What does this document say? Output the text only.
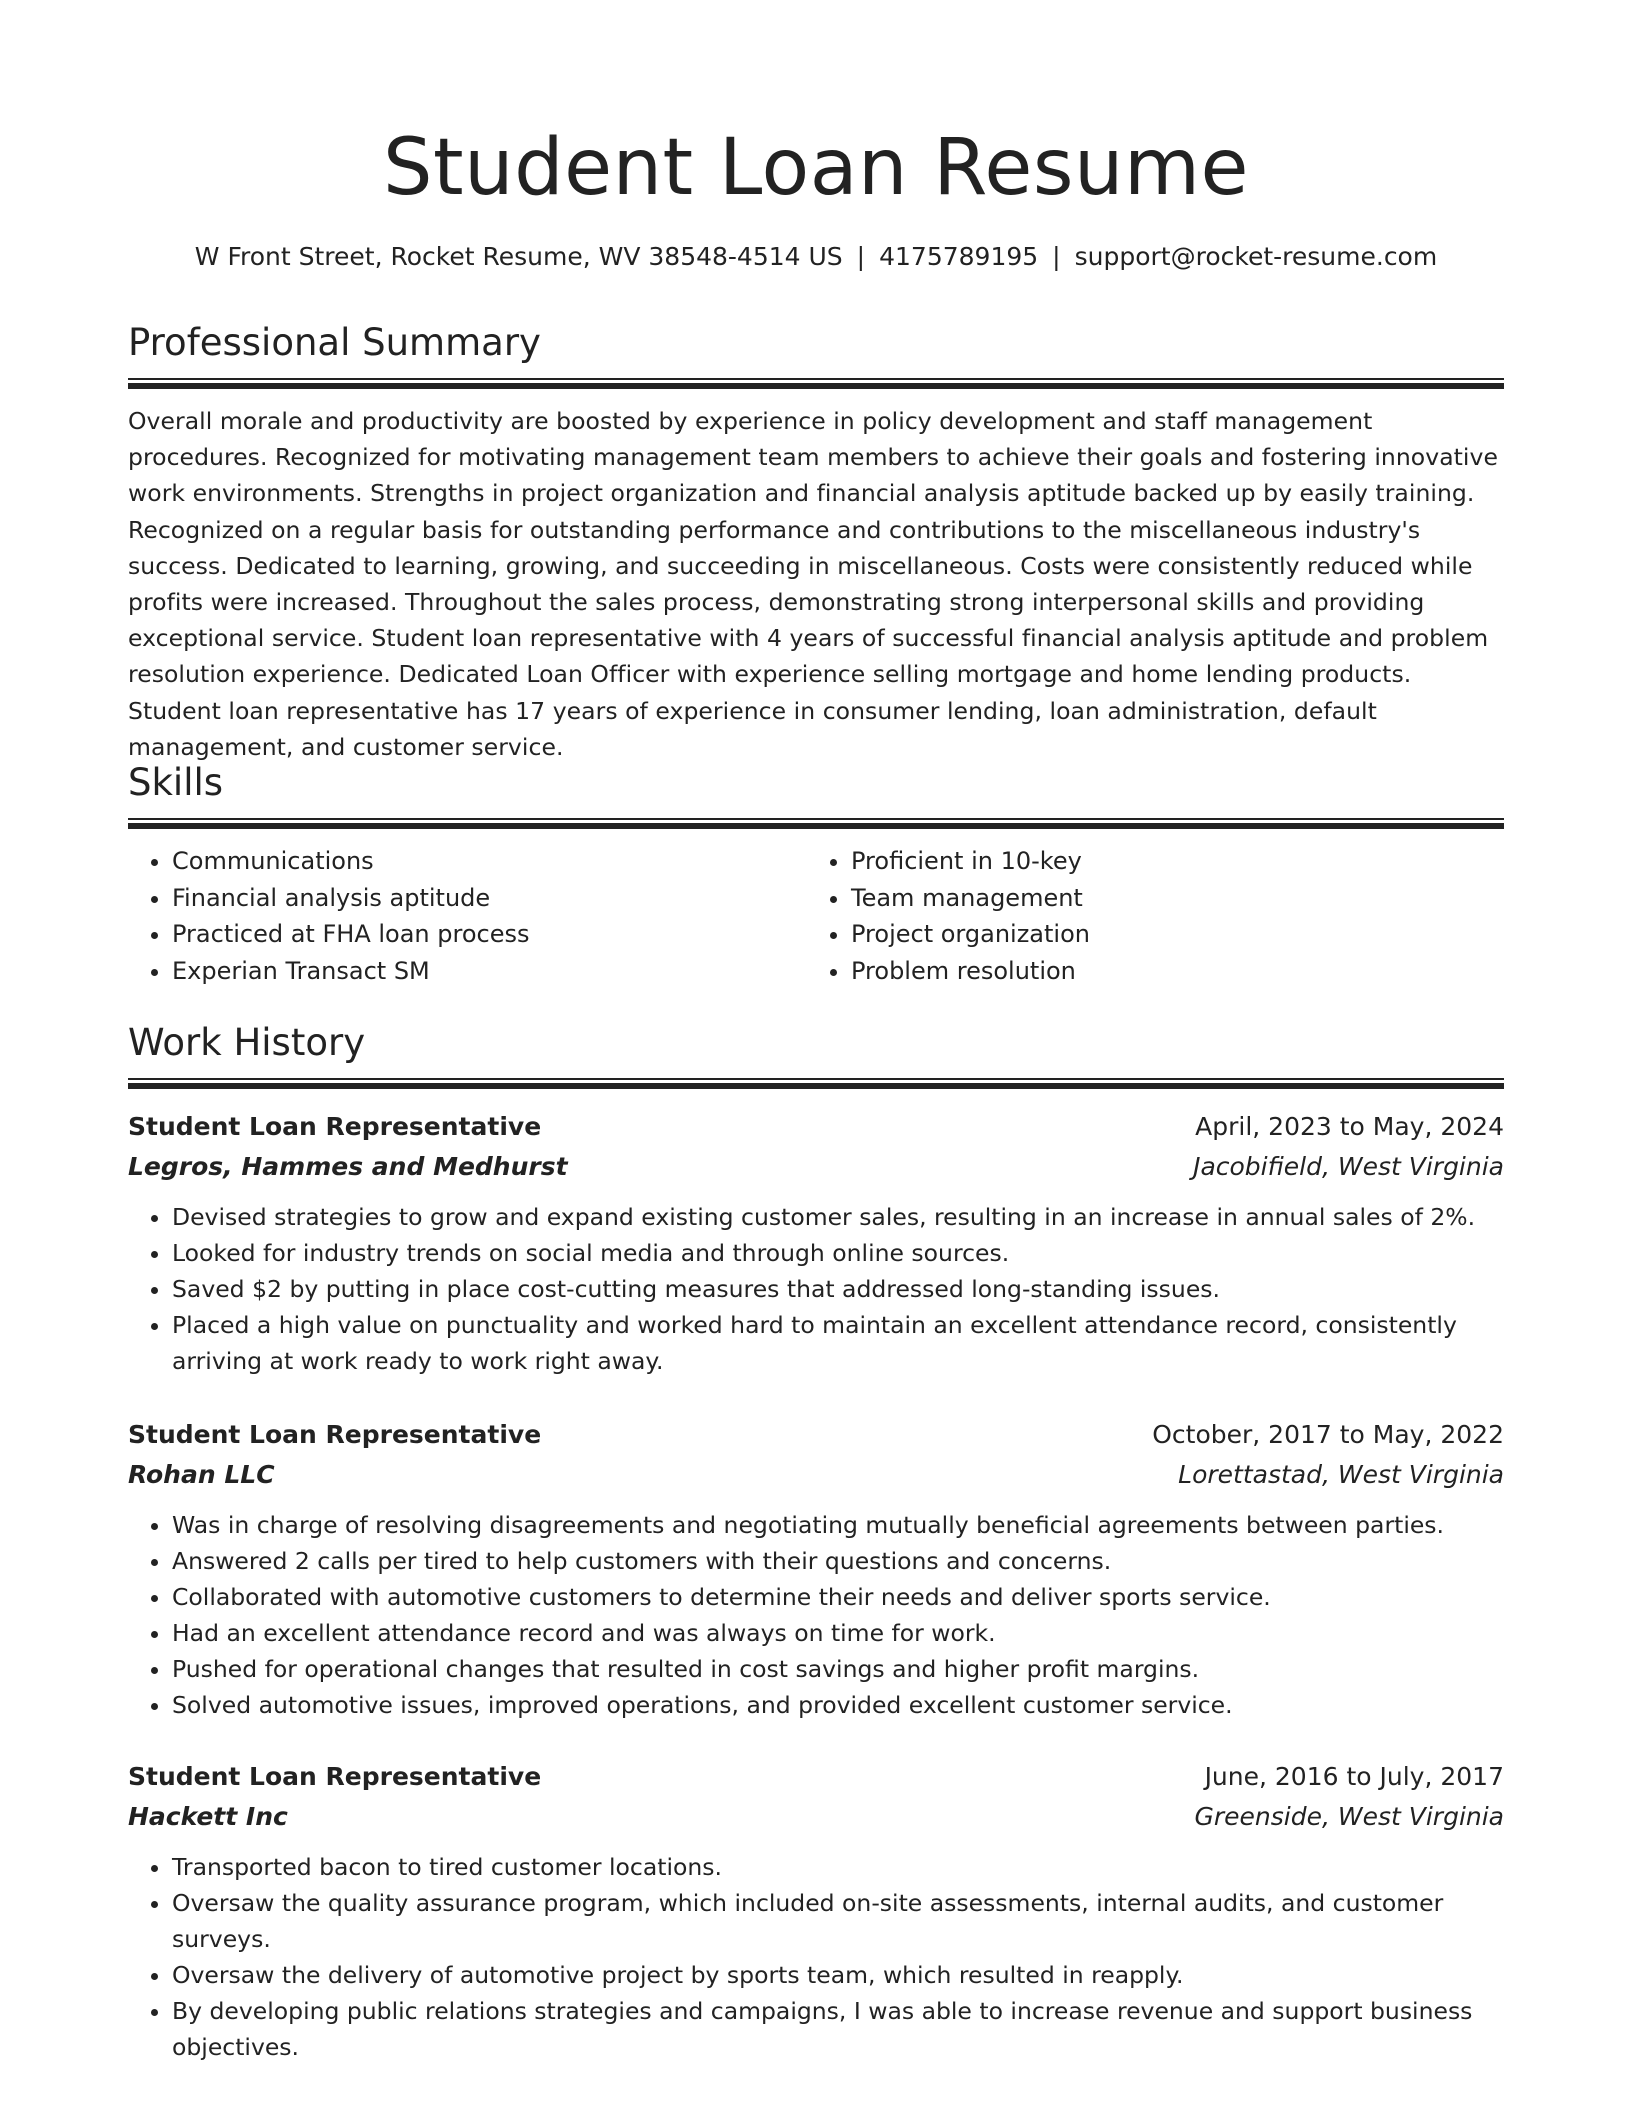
Student Loan Resume
W Front Street, Rocket Resume, WV 38548-4514 US | 4175789195 | support@rocket-resume.com
Professional Summary
Overall morale and productivity are boosted by experience in policy development and staff management procedures. Recognized for motivating management team members to achieve their goals and fostering innovative work environments. Strengths in project organization and financial analysis aptitude backed up by easily training. Recognized on a regular basis for outstanding performance and contributions to the miscellaneous industry's success. Dedicated to learning, growing, and succeeding in miscellaneous. Costs were consistently reduced while profits were increased. Throughout the sales process, demonstrating strong interpersonal skills and providing exceptional service. Student loan representative with 4 years of successful financial analysis aptitude and problem resolution experience. Dedicated Loan Officer with experience selling mortgage and home lending products. Student loan representative has 17 years of experience in consumer lending, loan administration, default management, and customer service.
Skills
• Communications
• Financial analysis aptitude
• Practiced at FHA loan process
• Experian Transact SM
• Proficient in 10-key
• Team management
• Project organization
• Problem resolution
Work History
Student Loan Representative	April, 2023 to May, 2024
Legros, Hammes and Medhurst	Jacobifield, West Virginia
• Devised strategies to grow and expand existing customer sales, resulting in an increase in annual sales of 2%.
• Looked for industry trends on social media and through online sources.
• Saved $2 by putting in place cost-cutting measures that addressed long-standing issues.
• Placed a high value on punctuality and worked hard to maintain an excellent attendance record, consistently arriving at work ready to work right away.
Student Loan Representative	October, 2017 to May, 2022
Rohan LLC	Lorettastad, West Virginia
• Was in charge of resolving disagreements and negotiating mutually beneficial agreements between parties.
• Answered 2 calls per tired to help customers with their questions and concerns.
• Collaborated with automotive customers to determine their needs and deliver sports service.
• Had an excellent attendance record and was always on time for work.
• Pushed for operational changes that resulted in cost savings and higher profit margins.
• Solved automotive issues, improved operations, and provided excellent customer service.
Student Loan Representative	June, 2016 to July, 2017
Hackett Inc	Greenside, West Virginia
• Transported bacon to tired customer locations.
• Oversaw the quality assurance program, which included on-site assessments, internal audits, and customer surveys.
• Oversaw the delivery of automotive project by sports team, which resulted in reapply.
• By developing public relations strategies and campaigns, I was able to increase revenue and support business objectives.
